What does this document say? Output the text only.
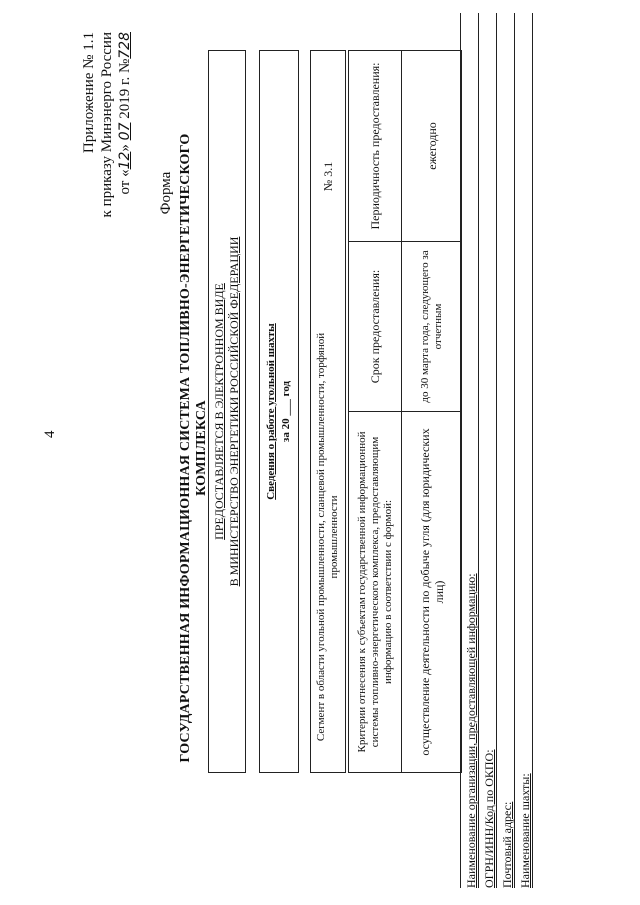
4
Приложение № 1.1 к приказу Минэнерго России от «12» 07 2019 г. №728
Форма ГОСУДАРСТВЕННАЯ ИНФОРМАЦИОННАЯ СИСТЕМА ТОПЛИВНО-ЭНЕРГЕТИЧЕСКОГО КОМПЛЕКСА ПРЕДОСТАВЛЯЕТСЯ В ЭЛЕКТРОННОМ ВИДЕ В МИНИСТЕРСТВО ЭНЕРГЕТИКИ РОССИЙСКОЙ ФЕДЕРАЦИИ Сведения о работе угольной шахты за 20 ___ год	Сегмент в области угольной промышленности, сланцевой промышленности, торфяной промышленности
№ 3.1
Критерии отнесения к субъектам государственной информационной системы топливно-энергетического комплекса, предоставляющим информацию в соответствии с формой:
Срок предоставления:
Периодичность предоставления:
осуществление деятельности по добыче угля (для юридических лиц)
до 30 марта года, следующего за отчетным
ежегодно
Наименование организации, предоставляющей информацию: ОГРН/ИНН/Код по ОКПО: Почтовый адрес: Наименование шахты:
